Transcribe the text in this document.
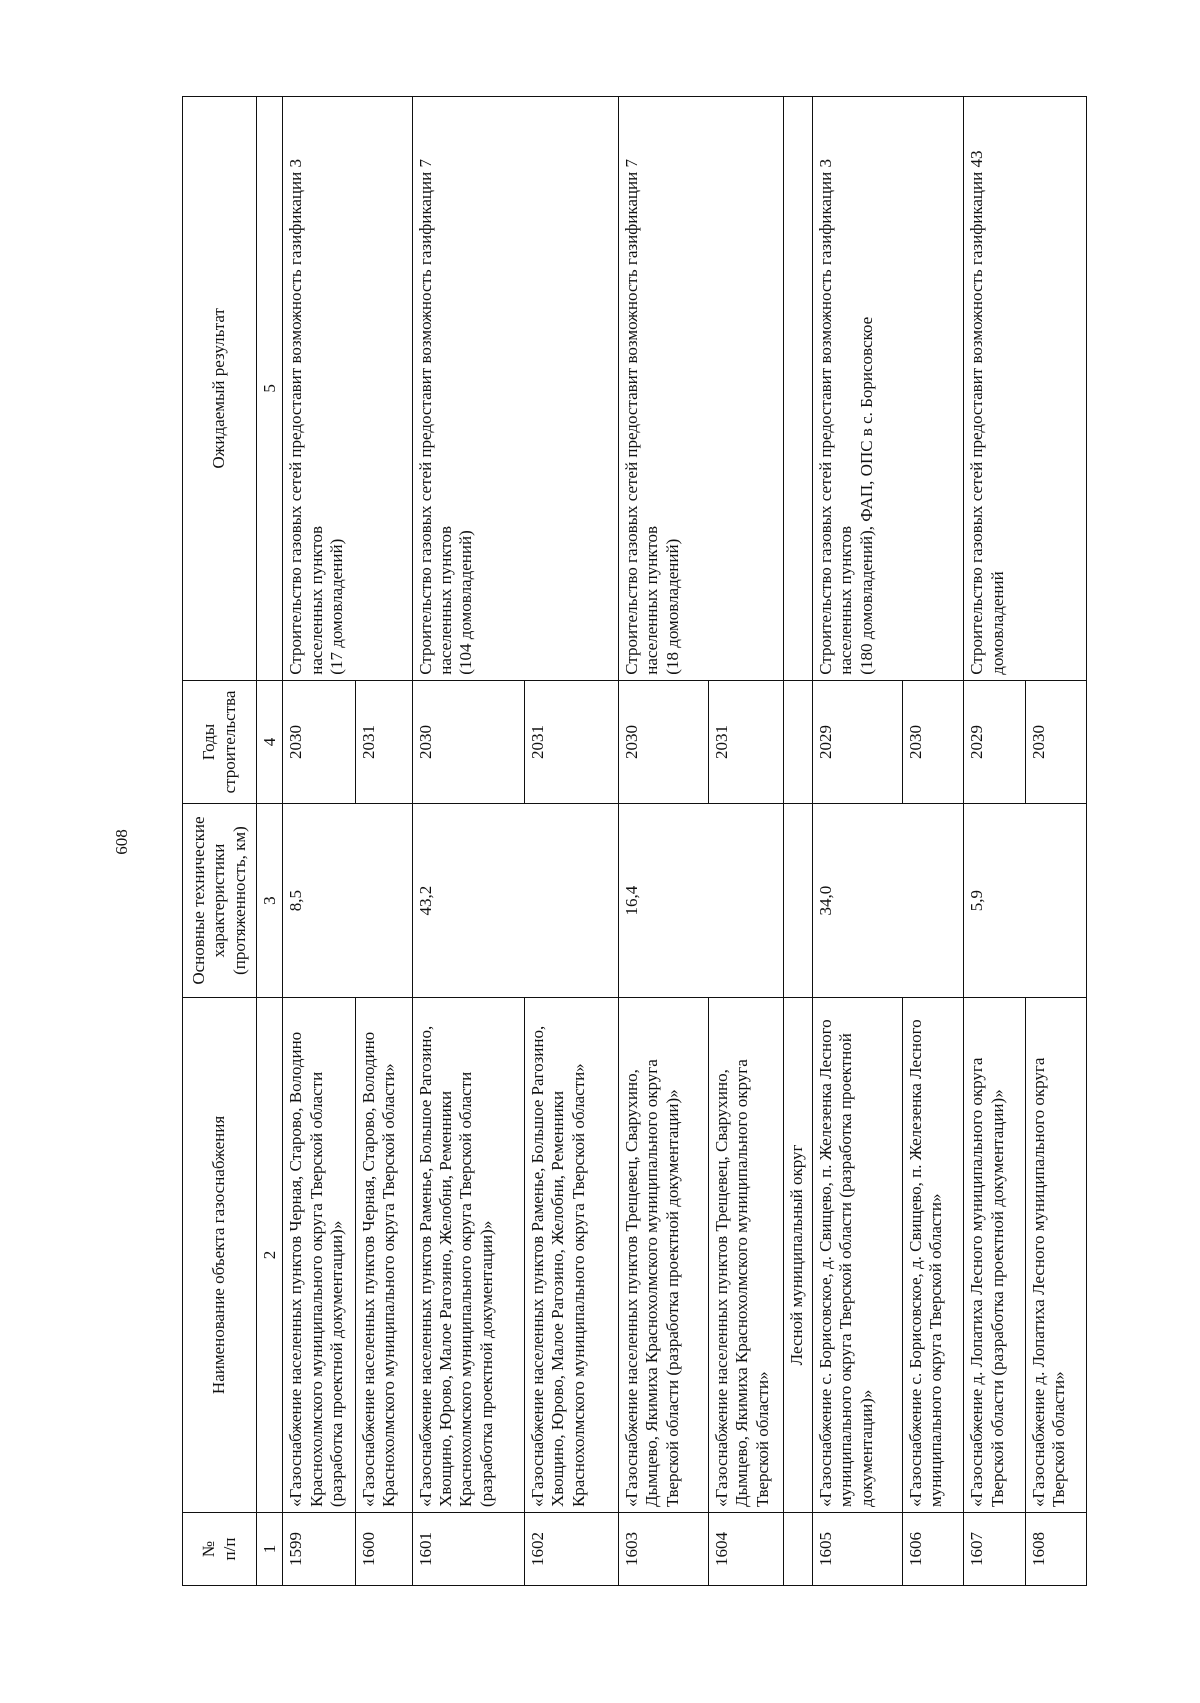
608
№
п/п	Наименование объекта газоснабжения	Основные технические характеристики (протяженность, км)	Годы строительства	Ожидаемый результат
1	2	3	4	5
1599	«Газоснабжение населенных пунктов Черная, Старово, Володино Краснохолмского муниципального округа Тверской области (разработка проектной документации)»	8,5	2030	Строительство газовых сетей предоставит возможность газификации 3 населенных пунктов
(17 домовладений)
1600	«Газоснабжение населенных пунктов Черная, Старово, Володино Краснохолмского муниципального округа Тверской области»		2031	
1601	«Газоснабжение населенных пунктов Раменье, Большое Рагозино, Хвощино, Юрово, Малое Рагозино, Желобни, Ременники Краснохолмского муниципального округа Тверской области (разработка проектной документации)»	43,2	2030	Строительство газовых сетей предоставит возможность газификации 7 населенных пунктов
(104 домовладений)
1602	«Газоснабжение населенных пунктов Раменье, Большое Рагозино, Хвощино, Юрово, Малое Рагозино, Желобни, Ременники Краснохолмского муниципального округа Тверской области»		2031	
1603	«Газоснабжение населенных пунктов Трещевец, Сварухино, Дымцево, Якимиха Краснохолмского муниципального округа Тверской области (разработка проектной документации)»	16,4	2030	Строительство газовых сетей предоставит возможность газификации 7 населенных пунктов
(18 домовладений)
1604	«Газоснабжение населенных пунктов Трещевец, Сварухино, Дымцево, Якимиха Краснохолмского муниципального округа Тверской области»		2031	
	Лесной муниципальный округ			
1605	«Газоснабжение с. Борисовское, д. Свищево, п. Железенка Лесного муниципального округа Тверской области (разработка проектной документации)»	34,0	2029	Строительство газовых сетей предоставит возможность газификации 3 населенных пунктов
(180 домовладений), ФАП, ОПС в с. Борисовское
1606	«Газоснабжение с. Борисовское, д. Свищево, п. Железенка Лесного муниципального округа Тверской области»		2030	
1607	«Газоснабжение д. Лопатиха Лесного муниципального округа Тверской области (разработка проектной документации)»	5,9	2029	Строительство газовых сетей предоставит возможность газификации 43 домовладений
1608	«Газоснабжение д. Лопатиха Лесного муниципального округа Тверской области»		2030	
